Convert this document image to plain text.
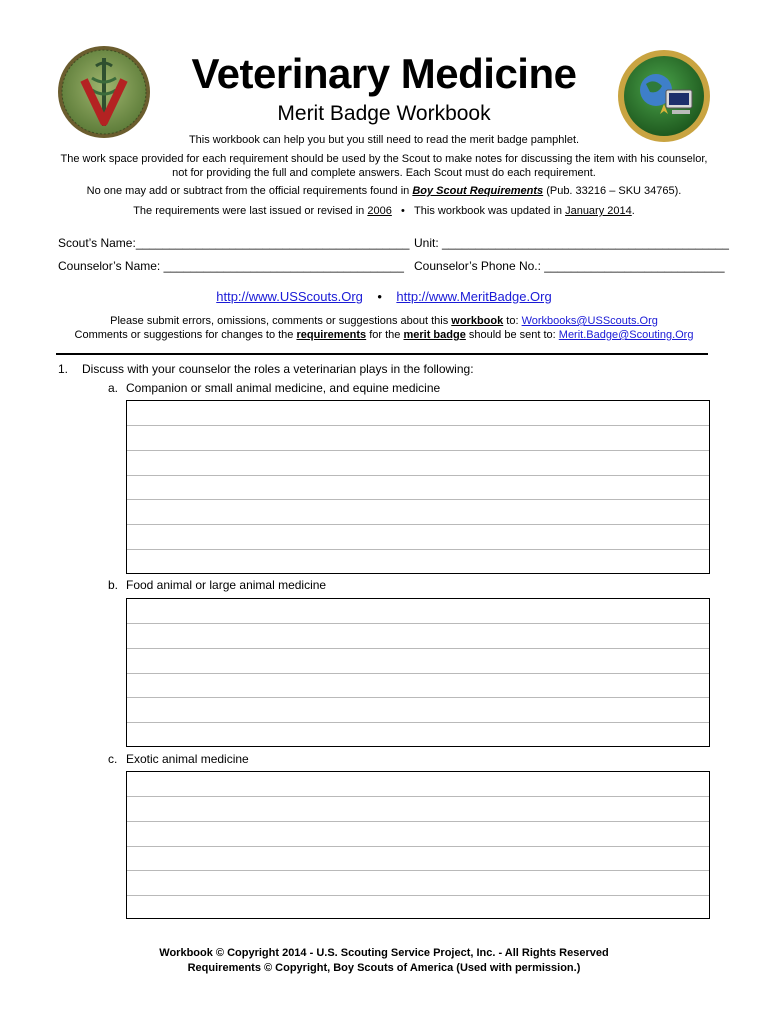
Veterinary Medicine
Merit Badge Workbook
This workbook can help you but you still need to read the merit badge pamphlet.
The work space provided for each requirement should be used by the Scout to make notes for discussing the item with his counselor, not for providing the full and complete answers. Each Scout must do each requirement.
No one may add or subtract from the official requirements found in Boy Scout Requirements (Pub. 33216 – SKU 34765).
The requirements were last issued or revised in 2006 • This workbook was updated in January 2014.
Scout’s Name:_________________________________________ Unit: ___________________________________________
Counselor’s Name: ____________________________________ Counselor’s Phone No.: ___________________________
http://www.USScouts.Org • http://www.MeritBadge.Org
Please submit errors, omissions, comments or suggestions about this workbook to: Workbooks@USScouts.Org
Comments or suggestions for changes to the requirements for the merit badge should be sent to: Merit.Badge@Scouting.Org
1. Discuss with your counselor the roles a veterinarian plays in the following:
a. Companion or small animal medicine, and equine medicine
b. Food animal or large animal medicine
c. Exotic animal medicine
Workbook © Copyright 2014 - U.S. Scouting Service Project, Inc. - All Rights Reserved
Requirements © Copyright, Boy Scouts of America (Used with permission.)
